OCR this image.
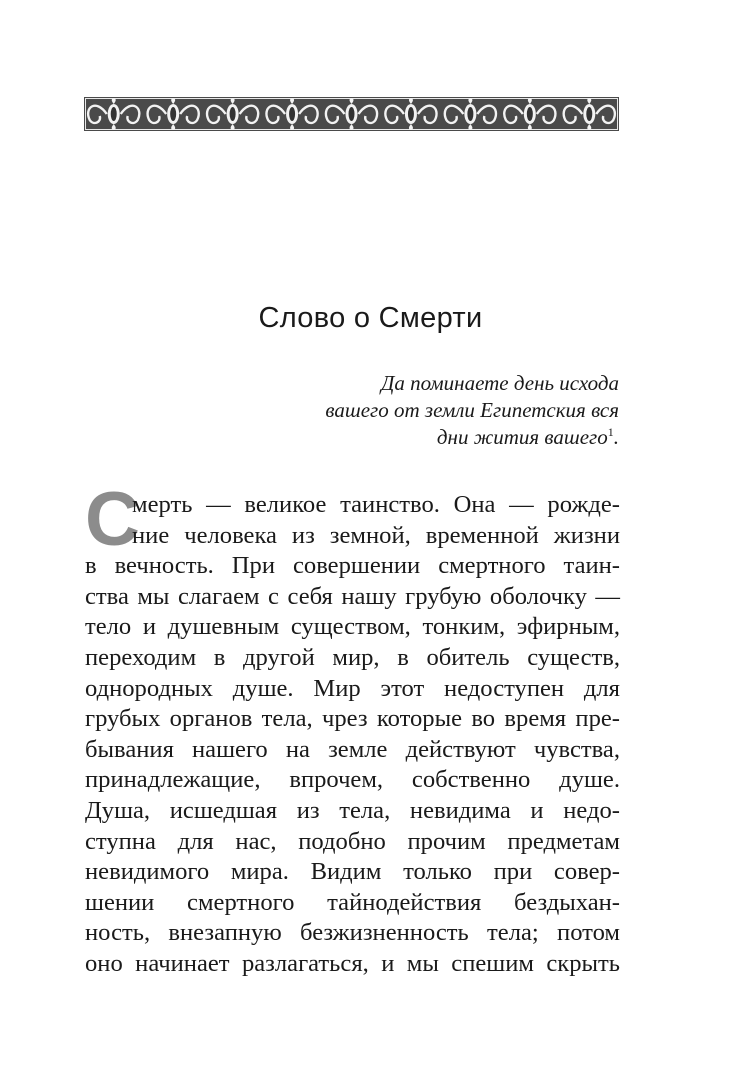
Слово о Смерти
Да поминаете день исхода
вашего от земли Египетския вся
дни жития вашего$^1$.
С
мерть — великое таинство. Она — рожде-
ние человека из земной, временной жизни
в вечность. При совершении смертного таин-
ства мы слагаем с себя нашу грубую оболочку —
тело и душевным существом, тонким, эфирным,
переходим в другой мир, в обитель существ,
однородных душе. Мир этот недоступен для
грубых органов тела, чрез которые во время пре-
бывания нашего на земле действуют чувства,
принадлежащие, впрочем, собственно душе.
Душа, исшедшая из тела, невидима и недо-
ступна для нас, подобно прочим предметам
невидимого мира. Видим только при совер-
шении смертного тайнодействия бездыхан-
ность, внезапную безжизненность тела; потом
оно начинает разлагаться, и мы спешим скрыть
